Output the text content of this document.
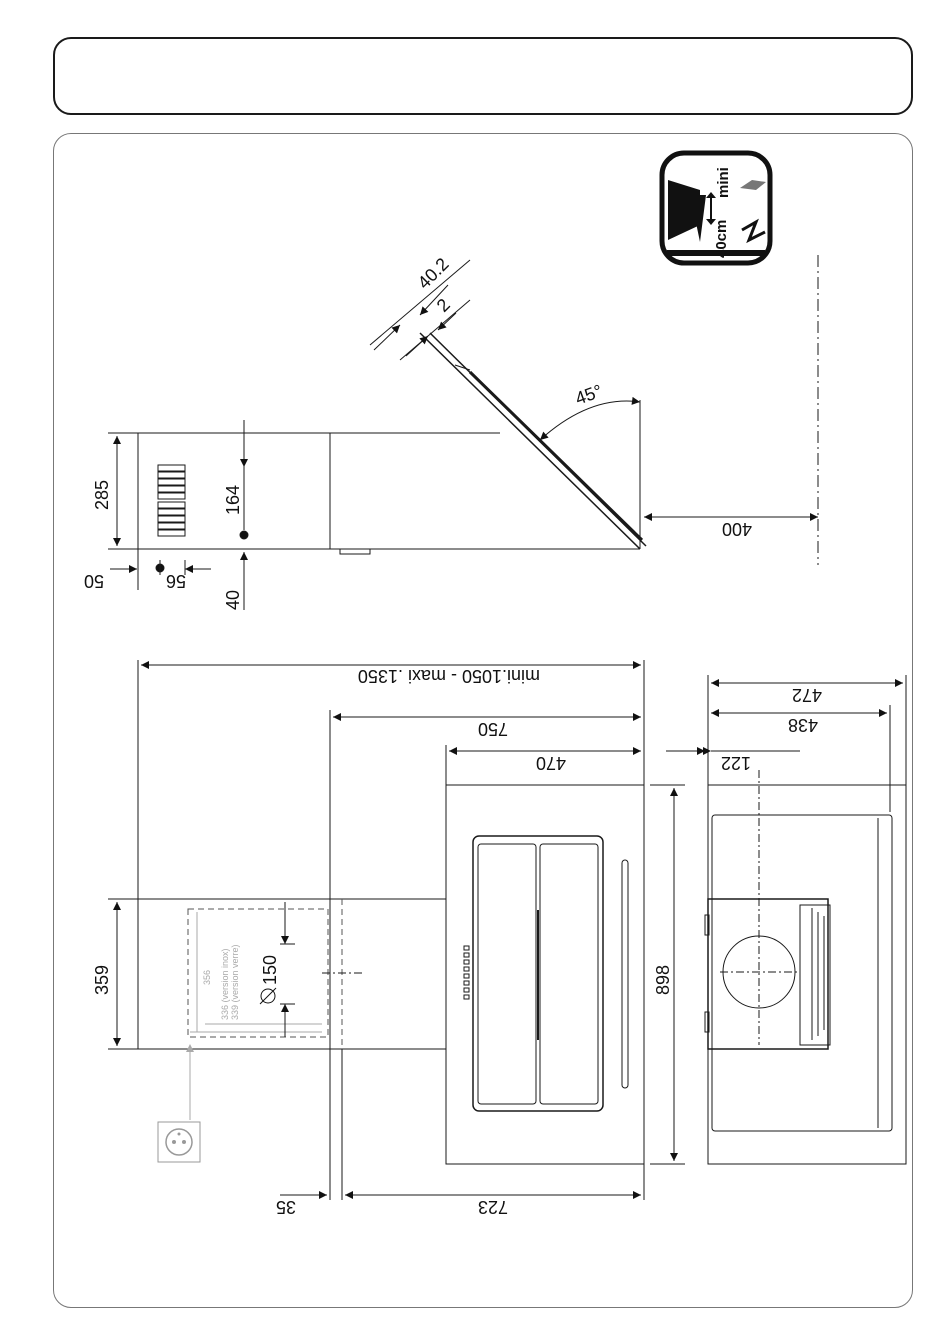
40cm
mini
285	164
40
50	56
40.2
2
45°
400
mini.1050 - maxi .1350
750
470
359	150
356 336 (version inox) 339 (version verre)	898
723
35
472
438
122
